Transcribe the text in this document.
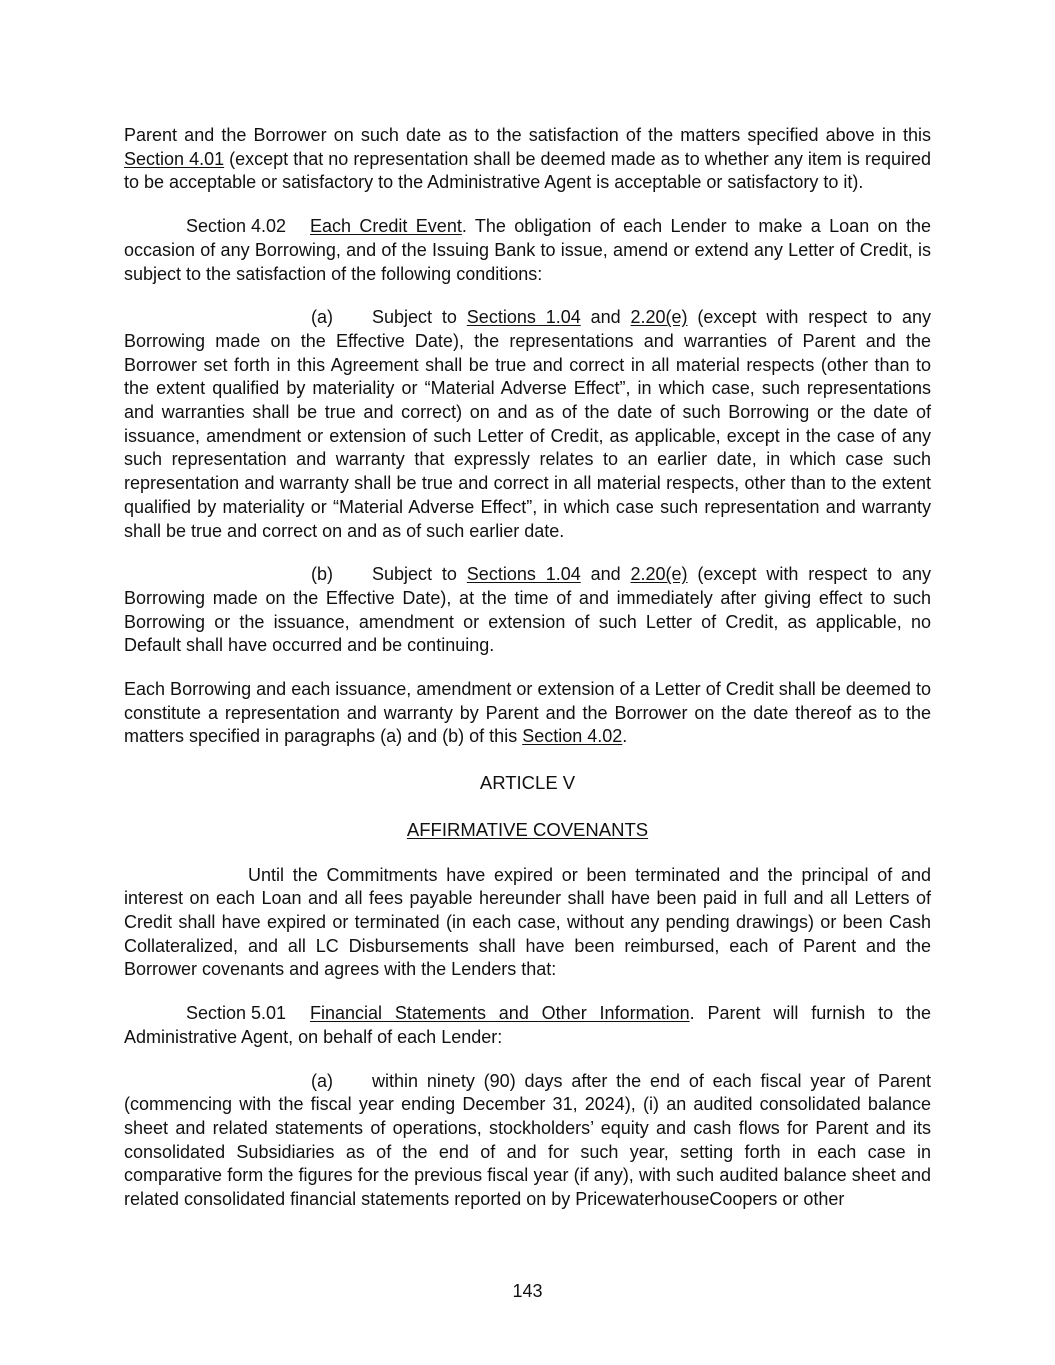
Parent and the Borrower on such date as to the satisfaction of the matters specified above in this Section 4.01 (except that no representation shall be deemed made as to whether any item is required to be acceptable or satisfactory to the Administrative Agent is acceptable or satisfactory to it).

Section 4.02 Each Credit Event. The obligation of each Lender to make a Loan on the occasion of any Borrowing, and of the Issuing Bank to issue, amend or extend any Letter of Credit, is subject to the satisfaction of the following conditions:

(a) Subject to Sections 1.04 and 2.20(e) (except with respect to any Borrowing made on the Effective Date), the representations and warranties of Parent and the Borrower set forth in this Agreement shall be true and correct in all material respects (other than to the extent qualified by materiality or “Material Adverse Effect”, in which case, such representations and warranties shall be true and correct) on and as of the date of such Borrowing or the date of issuance, amendment or extension of such Letter of Credit, as applicable, except in the case of any such representation and warranty that expressly relates to an earlier date, in which case such representation and warranty shall be true and correct in all material respects, other than to the extent qualified by materiality or “Material Adverse Effect”, in which case such representation and warranty shall be true and correct on and as of such earlier date.

(b) Subject to Sections 1.04 and 2.20(e) (except with respect to any Borrowing made on the Effective Date), at the time of and immediately after giving effect to such Borrowing or the issuance, amendment or extension of such Letter of Credit, as applicable, no Default shall have occurred and be continuing.

Each Borrowing and each issuance, amendment or extension of a Letter of Credit shall be deemed to constitute a representation and warranty by Parent and the Borrower on the date thereof as to the matters specified in paragraphs (a) and (b) of this Section 4.02.

ARTICLE V

AFFIRMATIVE COVENANTS

Until the Commitments have expired or been terminated and the principal of and interest on each Loan and all fees payable hereunder shall have been paid in full and all Letters of Credit shall have expired or terminated (in each case, without any pending drawings) or been Cash Collateralized, and all LC Disbursements shall have been reimbursed, each of Parent and the Borrower covenants and agrees with the Lenders that:

Section 5.01 Financial Statements and Other Information. Parent will furnish to the Administrative Agent, on behalf of each Lender:

(a) within ninety (90) days after the end of each fiscal year of Parent (commencing with the fiscal year ending December 31, 2024), (i) an audited consolidated balance sheet and related statements of operations, stockholders’ equity and cash flows for Parent and its consolidated Subsidiaries as of the end of and for such year, setting forth in each case in comparative form the figures for the previous fiscal year (if any), with such audited balance sheet and related consolidated financial statements reported on by PricewaterhouseCoopers or other

143
